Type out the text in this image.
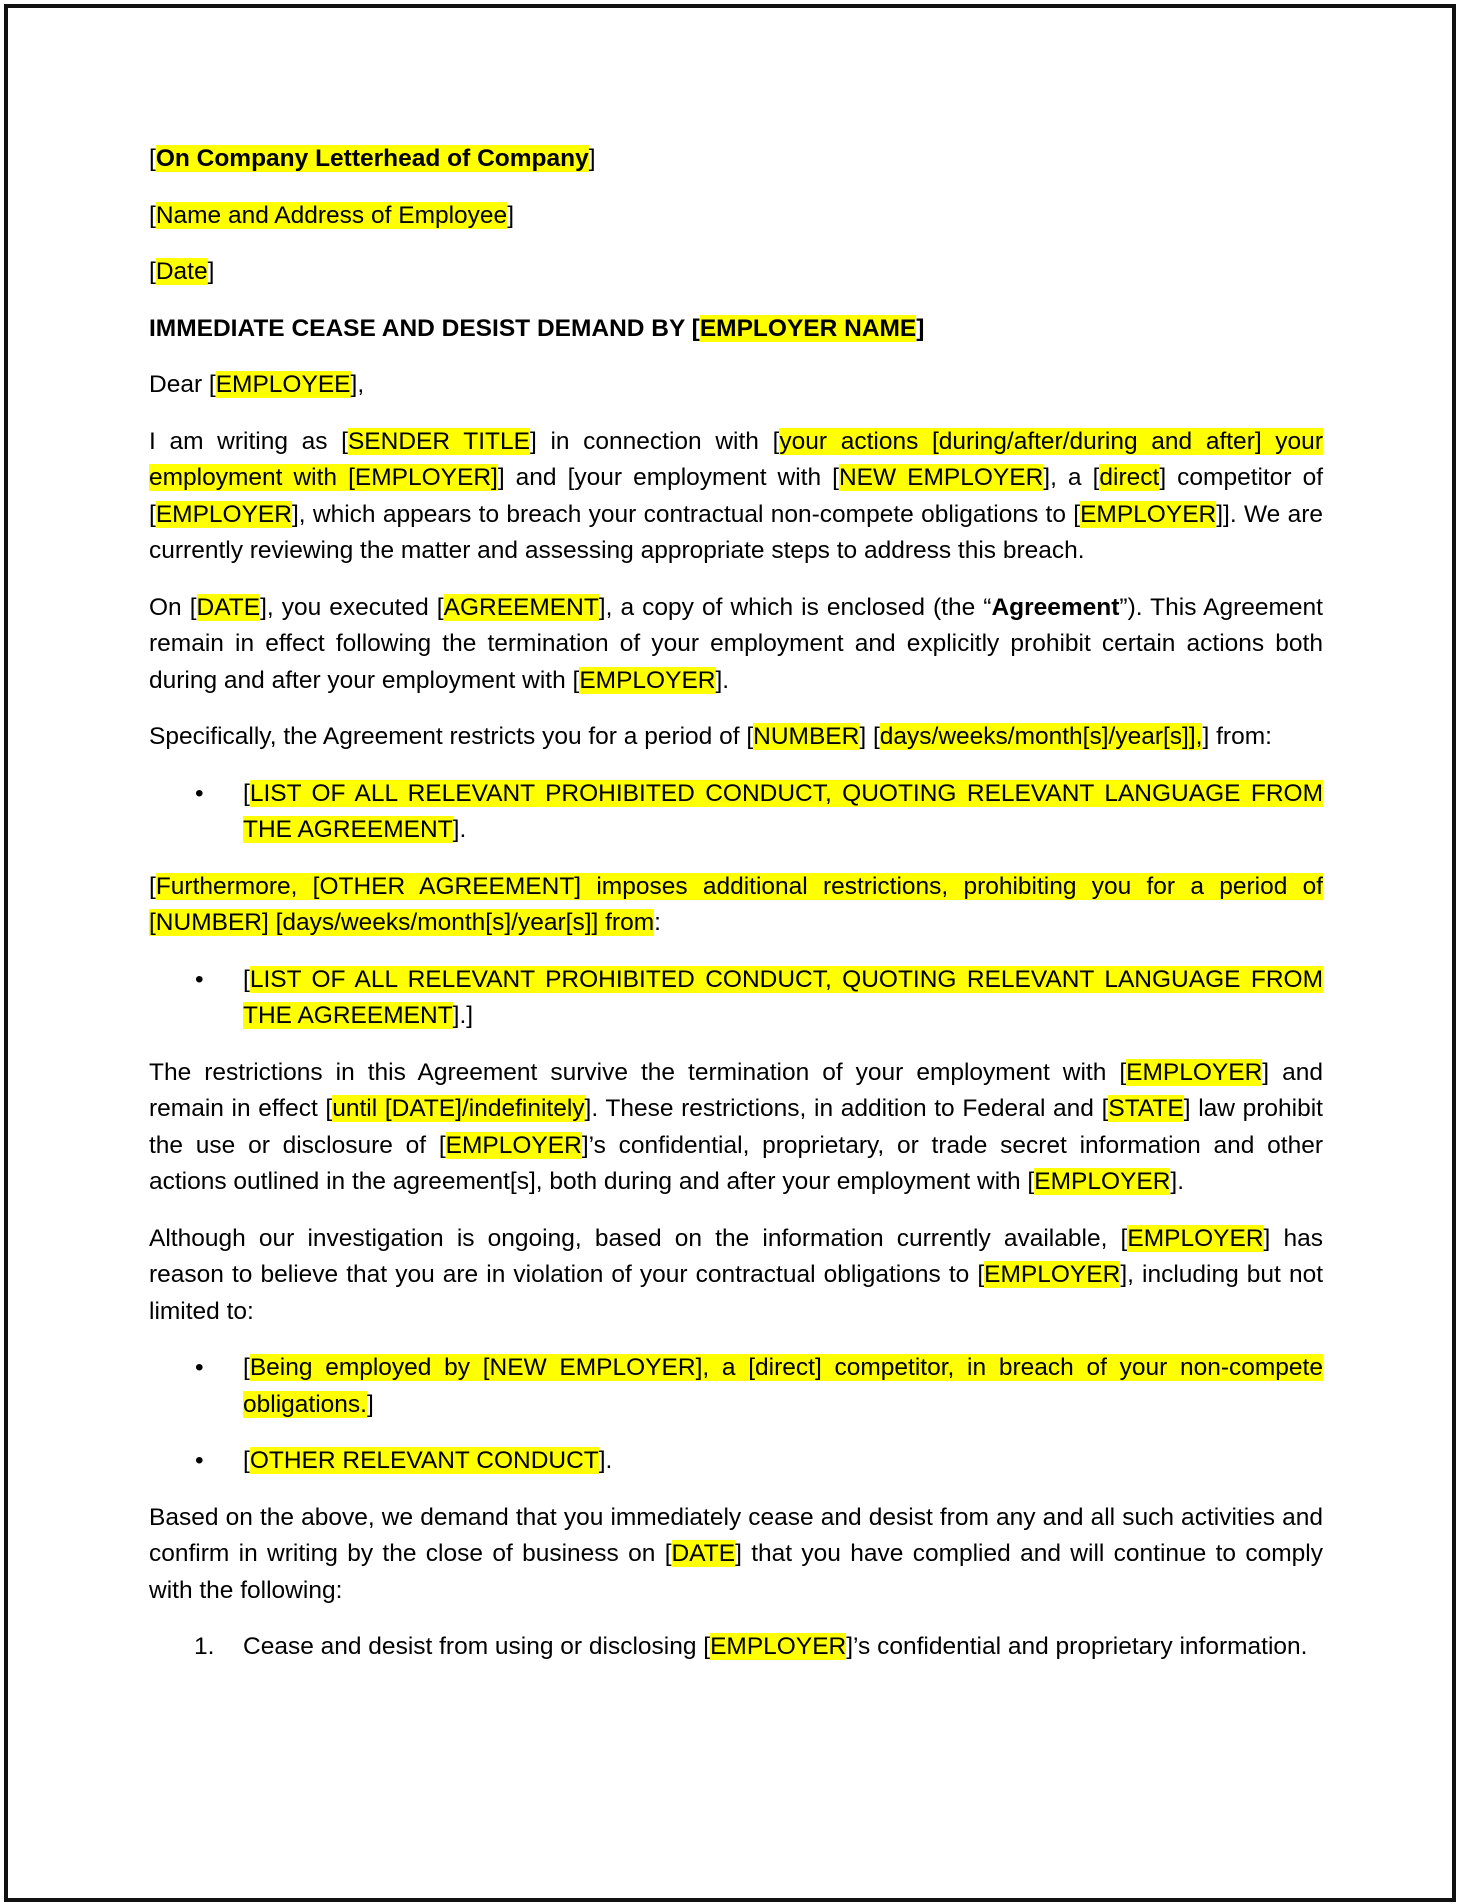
[On Company Letterhead of Company]

[Name and Address of Employee]

[Date]

IMMEDIATE CEASE AND DESIST DEMAND BY [EMPLOYER NAME]

Dear [EMPLOYEE],

I am writing as [SENDER TITLE] in connection with [your actions [during/after/during and after] your employment with [EMPLOYER]] and [your employment with [NEW EMPLOYER], a [direct] competitor of [EMPLOYER], which appears to breach your contractual non-compete obligations to [EMPLOYER]]. We are currently reviewing the matter and assessing appropriate steps to address this breach.

On [DATE], you executed [AGREEMENT], a copy of which is enclosed (the “Agreement”). This Agreement remain in effect following the termination of your employment and explicitly prohibit certain actions both during and after your employment with [EMPLOYER].

Specifically, the Agreement restricts you for a period of [NUMBER] [days/weeks/month[s]/year[s]],] from:

•	[LIST OF ALL RELEVANT PROHIBITED CONDUCT, QUOTING RELEVANT LANGUAGE FROM THE AGREEMENT].

[Furthermore, [OTHER AGREEMENT] imposes additional restrictions, prohibiting you for a period of [NUMBER] [days/weeks/month[s]/year[s]] from:

•	[LIST OF ALL RELEVANT PROHIBITED CONDUCT, QUOTING RELEVANT LANGUAGE FROM THE AGREEMENT].]

The restrictions in this Agreement survive the termination of your employment with [EMPLOYER] and remain in effect [until [DATE]/indefinitely]. These restrictions, in addition to Federal and [STATE] law prohibit the use or disclosure of [EMPLOYER]’s confidential, proprietary, or trade secret information and other actions outlined in the agreement[s], both during and after your employment with [EMPLOYER].

Although our investigation is ongoing, based on the information currently available, [EMPLOYER] has reason to believe that you are in violation of your contractual obligations to [EMPLOYER], including but not limited to:

•	[Being employed by [NEW EMPLOYER], a [direct] competitor, in breach of your non-compete obligations.]
•	[OTHER RELEVANT CONDUCT].

Based on the above, we demand that you immediately cease and desist from any and all such activities and confirm in writing by the close of business on [DATE] that you have complied and will continue to comply with the following:

1.	Cease and desist from using or disclosing [EMPLOYER]’s confidential and proprietary information.
